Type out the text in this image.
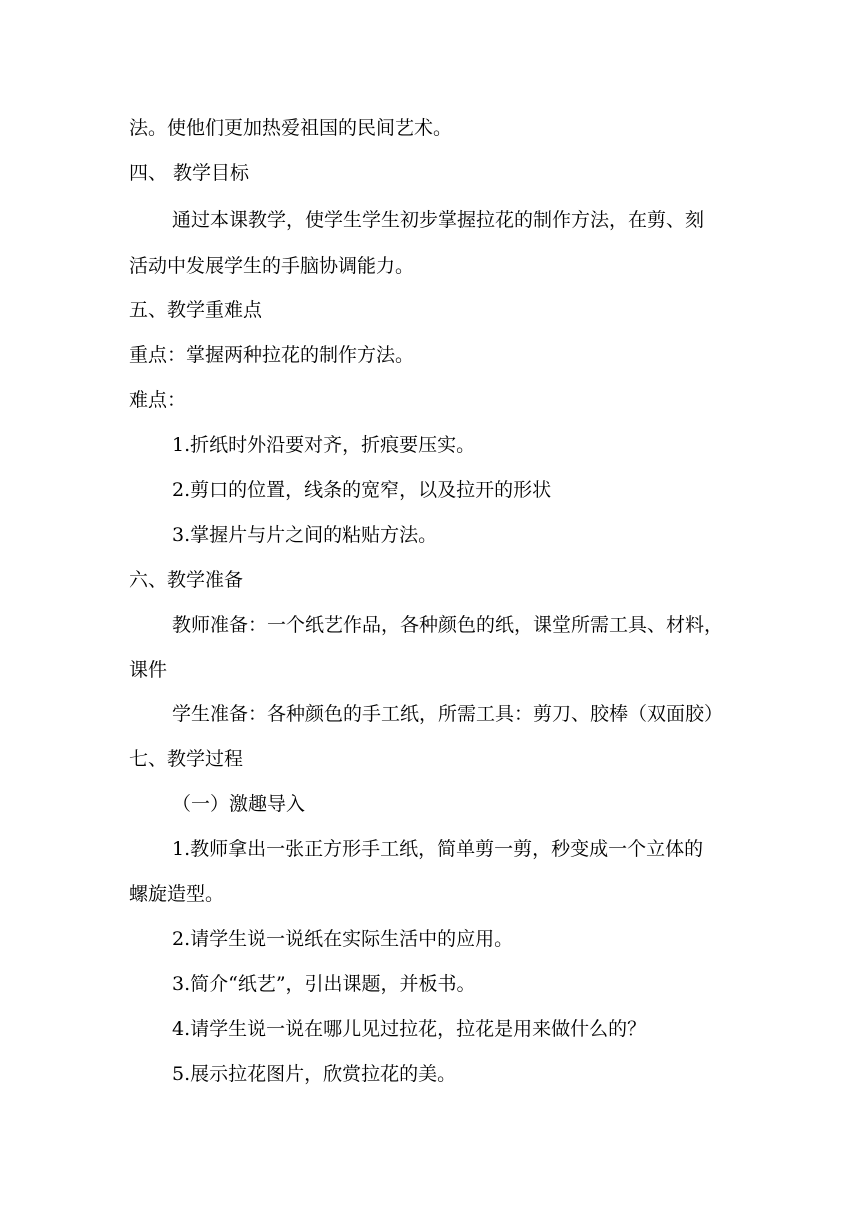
法。使他们更加热爱祖国的民间艺术。
四、 教学目标
通过本课教学，使学生学生初步掌握拉花的制作方法，在剪、刻
活动中发展学生的手脑协调能力。
五、教学重难点
重点：掌握两种拉花的制作方法。
难点：
1.折纸时外沿要对齐，折痕要压实。
2.剪口的位置，线条的宽窄，以及拉开的形状
3.掌握片与片之间的粘贴方法。
六、教学准备
教师准备：一个纸艺作品，各种颜色的纸，课堂所需工具、材料，
课件
学生准备：各种颜色的手工纸，所需工具：剪刀、胶棒（双面胶）
七、教学过程
（一）激趣导入
1.教师拿出一张正方形手工纸，简单剪一剪，秒变成一个立体的
螺旋造型。
2.请学生说一说纸在实际生活中的应用。
3.简介“纸艺”，引出课题，并板书。
4.请学生说一说在哪儿见过拉花，拉花是用来做什么的？
5.展示拉花图片，欣赏拉花的美。
